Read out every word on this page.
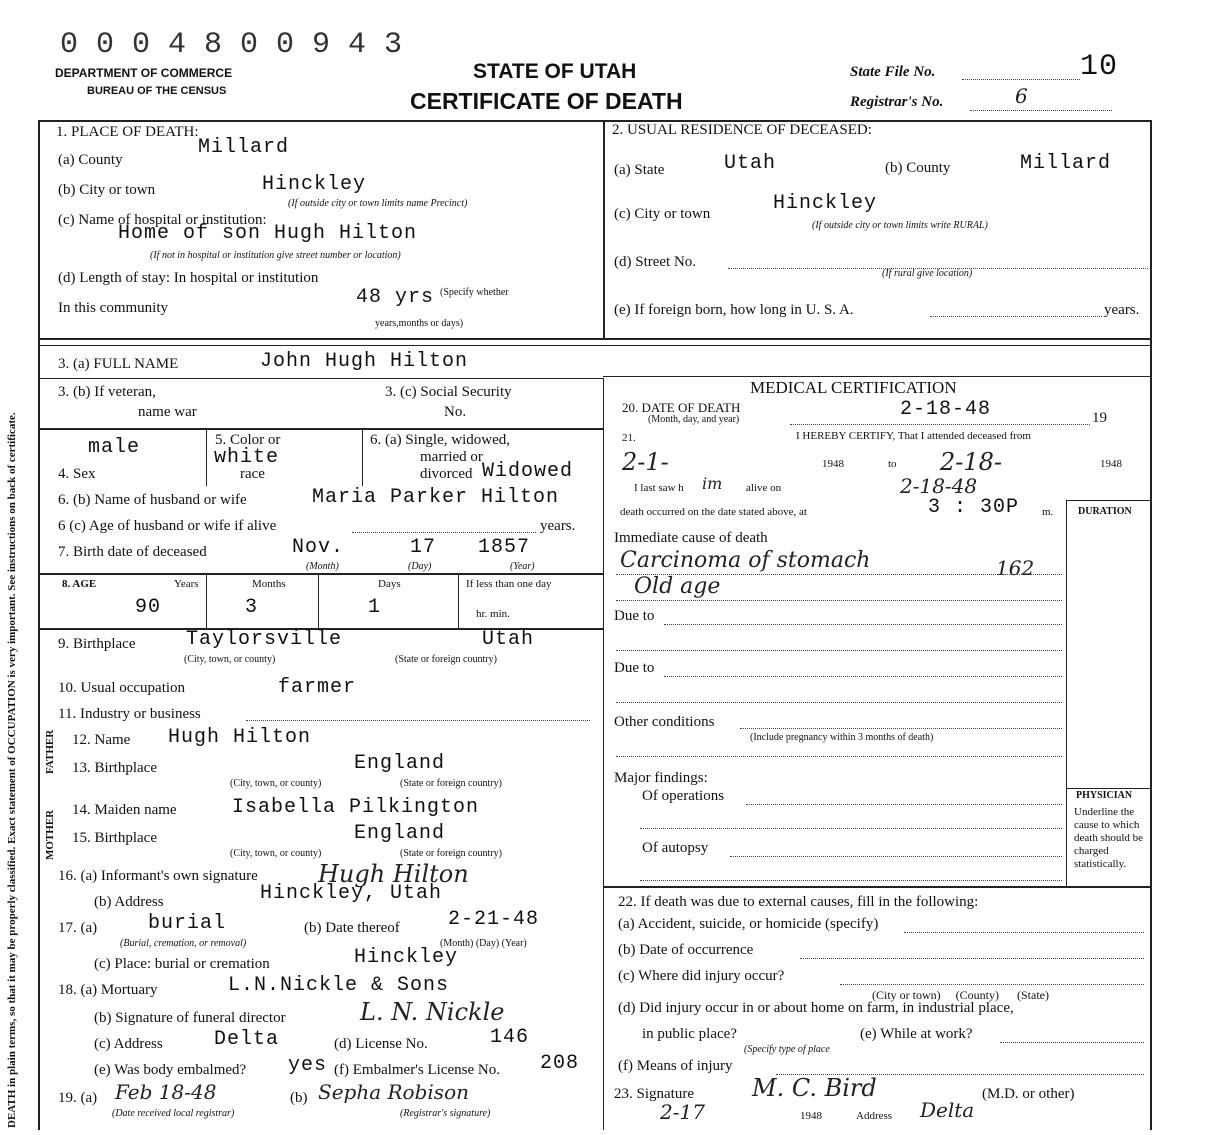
DEATH in plain terms, so that it may be properly classified. Exact statement of OCCUPATION is very important. See instructions on back of certificate.
0 0 0 4 8 0 0 9 4 3
DEPARTMENT OF COMMERCE
BUREAU OF THE CENSUS
STATE OF UTAH
CERTIFICATE OF DEATH
State File No.	10
Registrar's No.	6
1. PLACE OF DEATH:
(a) County
Millard
(b) City or town	Hinckley
(If outside city or town limits name Precinct)
(c) Name of hospital or institution:
Home of son Hugh Hilton
(If not in hospital or institution give street number or location)
(d) Length of stay: In hospital or institution
In this community	48 yrs (Specify whether
years,months or days)
2. USUAL RESIDENCE OF DECEASED:
(a) State	Utah	(b) County	Millard
(c) City or town	Hinckley
(If outside city or town limits write RURAL)
(d) Street No.
(If rural give location)
(e) If foreign born, how long in U. S. A.	years.
3. (a) FULL NAME	John Hugh Hilton
3. (b) If veteran,
name war
3. (c) Social Security
No.
male
4. Sex
5. Color or
white
race
6. (a) Single, widowed,
married or
divorced Widowed
6. (b) Name of husband or wife	Maria Parker Hilton
6 (c) Age of husband or wife if alive	years.
7. Birth date of deceased	Nov.	17 1857
(Month)	(Day)	(Year)
8. AGE	Years	Months	Days	If less than one day
hr. min.
90	3	1
9. Birthplace	Taylorsville	Utah
(City, town, or county)	(State or foreign country)
10. Usual occupation	farmer
11. Industry or business
FATHER
MOTHER
12. Name Hugh Hilton
13. Birthplace	England
(City, town, or county)	(State or foreign country)
14. Maiden name	Isabella Pilkington
15. Birthplace	England
(City, town, or county)	(State or foreign country)
16. (a) Informant's own signature	Hugh Hilton
(b) Address	Hinckley, Utah
17. (a)	burial
(Burial, cremation, or removal)
(b) Date thereof 2-21-48
(Month) (Day) (Year)
(c) Place: burial or cremation	Hinckley
18. (a) Mortuary	L.N.Nickle & Sons
(b) Signature of funeral director	L. N. Nickle
(c) Address	Delta	(d) License No.	146
(e) Was body embalmed? yes (f) Embalmer's License No. 208
19. (a) Feb 18-48
(Date received local registrar)
(b) Sepha Robison
(Registrar's signature)
MEDICAL CERTIFICATION
20. DATE OF DEATH
(Month, day, and year)	2-18-48	19
21.	I HEREBY CERTIFY, That I attended deceased from
2-1-	1948	to 2-18-	1948
I last saw h im alive on	2-18-48
death occurred on the date stated above, at	3 : 30P m. DURATION
Immediate cause of death
Carcinoma of stomach	162
Old age
Due to
Due to
Other conditions
(Include pregnancy within 3 months of death)
Major findings:
Of operations
Of autopsy
PHYSICIAN
Underline the cause to which death should be charged statistically.
22. If death was due to external causes, fill in the following:
(a) Accident, suicide, or homicide (specify)
(b) Date of occurrence
(c) Where did injury occur?
(City or town)     (County)      (State)
(d) Did injury occur in or about home on farm, in industrial place,
in public place?	(e) While at work?
(Specify type of place
(f) Means of injury
23. Signature M. C. Bird	(M.D. or other)
2-17	1948	Address Delta
